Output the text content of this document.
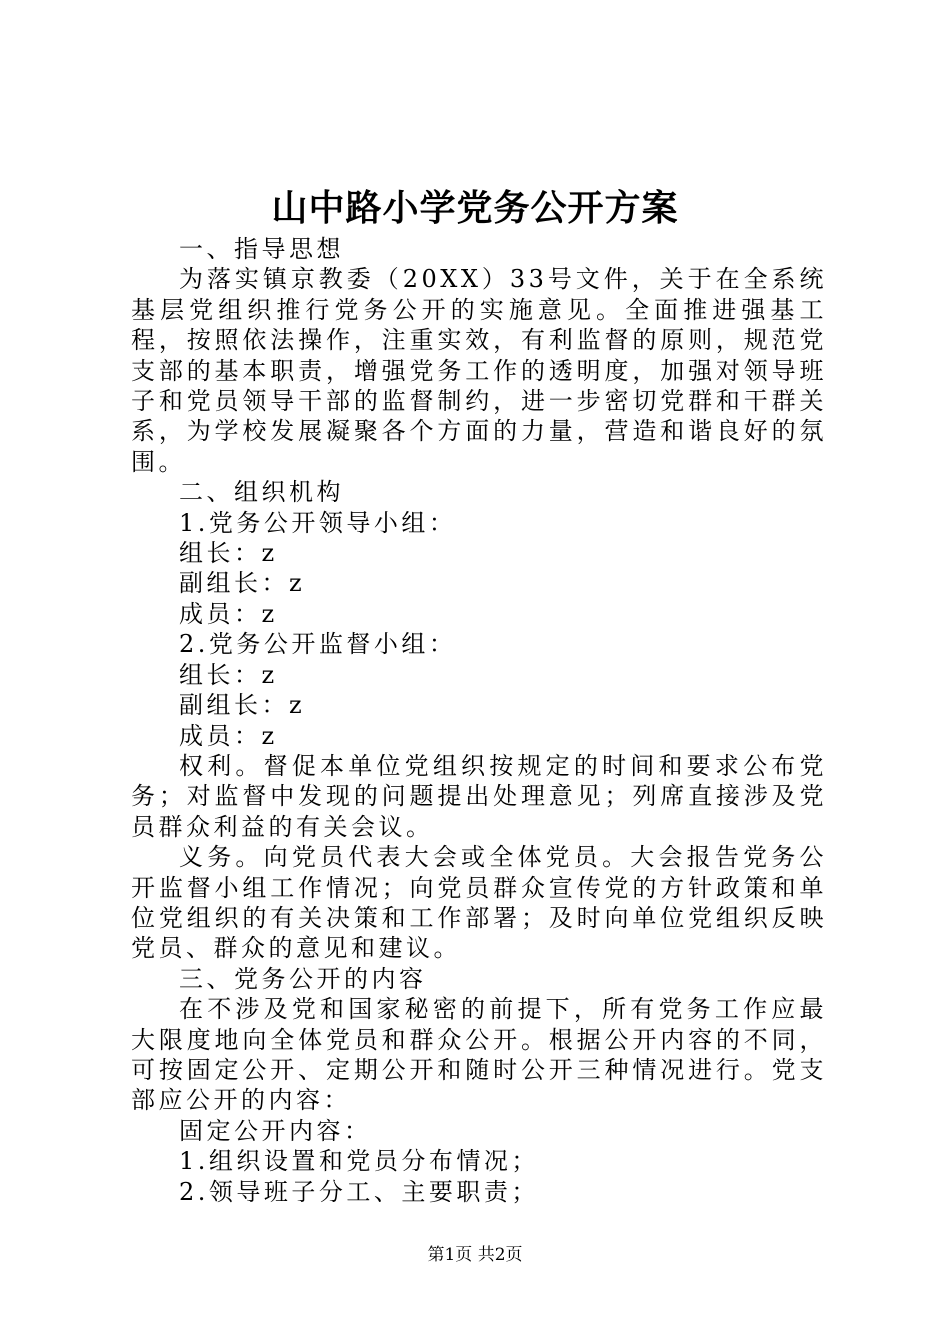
山中路小学党务公开方案

一、指导思想

为落实镇京教委（20XX）33号文件，关于在全系统基层党组织推行党务公开的实施意见。全面推进强基工程，按照依法操作，注重实效，有利监督的原则，规范党支部的基本职责，增强党务工作的透明度，加强对领导班子和党员领导干部的监督制约，进一步密切党群和干群关系，为学校发展凝聚各个方面的力量，营造和谐良好的氛围。

二、组织机构

1.党务公开领导小组：

组长：z

副组长：z

成员：z

2.党务公开监督小组：

组长：z

副组长：z

成员：z

权利。督促本单位党组织按规定的时间和要求公布党务；对监督中发现的问题提出处理意见；列席直接涉及党员群众利益的有关会议。

义务。向党员代表大会或全体党员。大会报告党务公开监督小组工作情况；向党员群众宣传党的方针政策和单位党组织的有关决策和工作部署；及时向单位党组织反映党员、群众的意见和建议。

三、党务公开的内容

在不涉及党和国家秘密的前提下，所有党务工作应最大限度地向全体党员和群众公开。根据公开内容的不同，可按固定公开、定期公开和随时公开三种情况进行。党支部应公开的内容：

固定公开内容：

1.组织设置和党员分布情况；

2.领导班子分工、主要职责；

第1页 共2页
